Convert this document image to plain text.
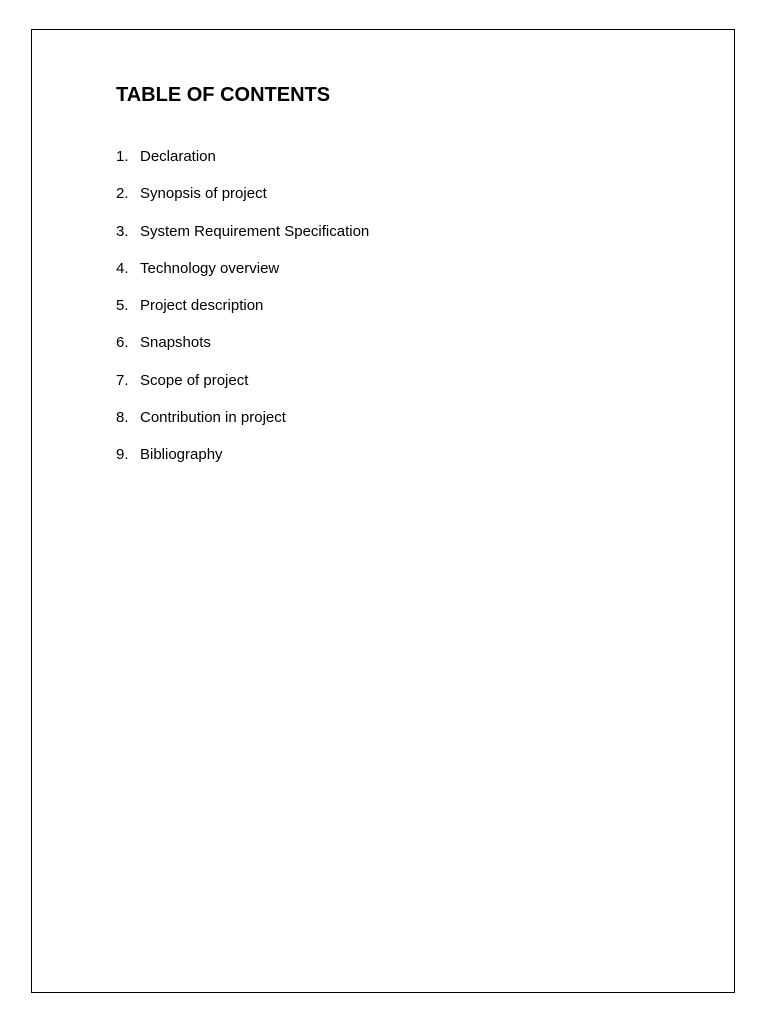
TABLE OF CONTENTS
1. Declaration
2. Synopsis of project
3. System Requirement Specification
4. Technology overview
5. Project description
6. Snapshots
7. Scope of project
8. Contribution in project
9. Bibliography
